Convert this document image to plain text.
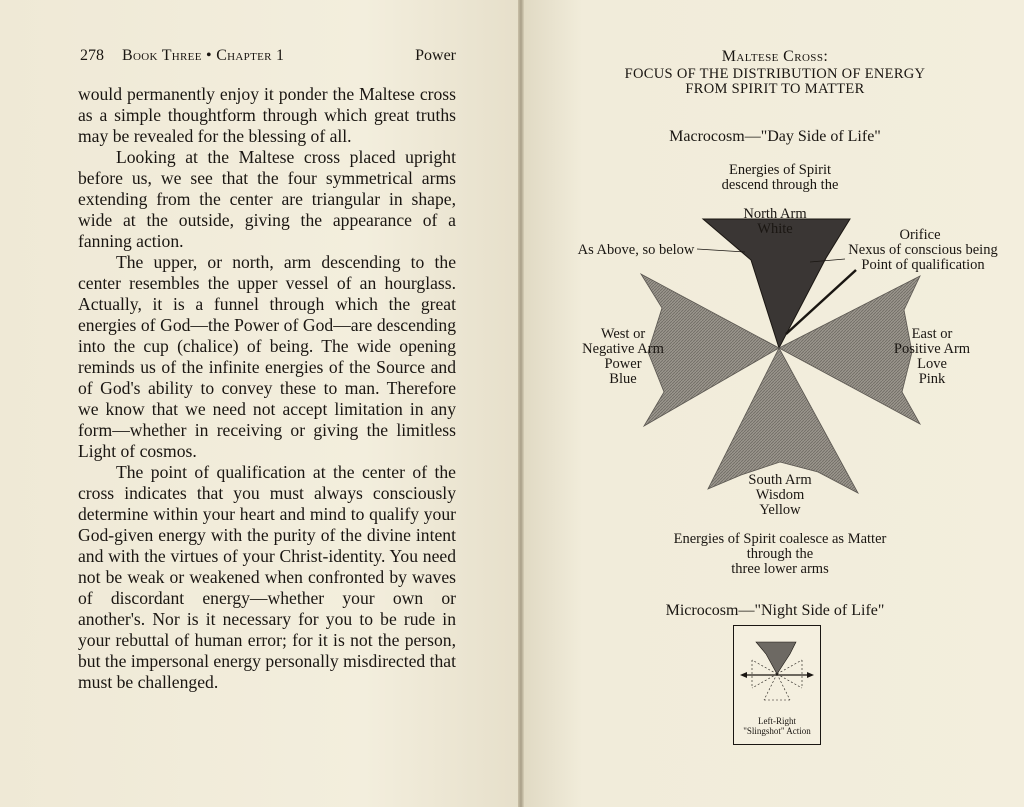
278 Book Three • Chapter 1	Power

would permanently enjoy it ponder the Maltese cross as a simple thoughtform through which great truths may be revealed for the blessing of all.

Looking at the Maltese cross placed upright before us, we see that the four symmetrical arms extending from the center are triangular in shape, wide at the outside, giving the appearance of a fanning action.

The upper, or north, arm descending to the center resembles the upper vessel of an hourglass. Actually, it is a funnel through which the great energies of God—the Power of God—are descending into the cup (chalice) of being. The wide opening reminds us of the infinite energies of the Source and of God's ability to convey these to man. Therefore we know that we need not accept limitation in any form—whether in receiving or giving the limitless Light of cosmos.

The point of qualification at the center of the cross indicates that you must always consciously determine within your heart and mind to qualify your God-given energy with the purity of the divine intent and with the virtues of your Christ-identity. You need not be weak or weakened when confronted by waves of discordant energy—whether your own or another's. Nor is it necessary for you to be rude in your rebuttal of human error; for it is not the person, but the impersonal energy personally misdirected that must be challenged.

Maltese Cross:
FOCUS OF THE DISTRIBUTION OF ENERGY
FROM SPIRIT TO MATTER
Macrocosm—"Day Side of Life"
Energies of Spirit
descend through the
North Arm
White	Orifice
Nexus of conscious being
Point of qualification
As Above, so below
West or
Negative Arm
Power
Blue
East or
Positive Arm
Love
Pink
South Arm
Wisdom
Yellow
Energies of Spirit coalesce as Matter
through the
three lower arms
Microcosm—"Night Side of Life"
Left-Right
"Slingshot" Action
